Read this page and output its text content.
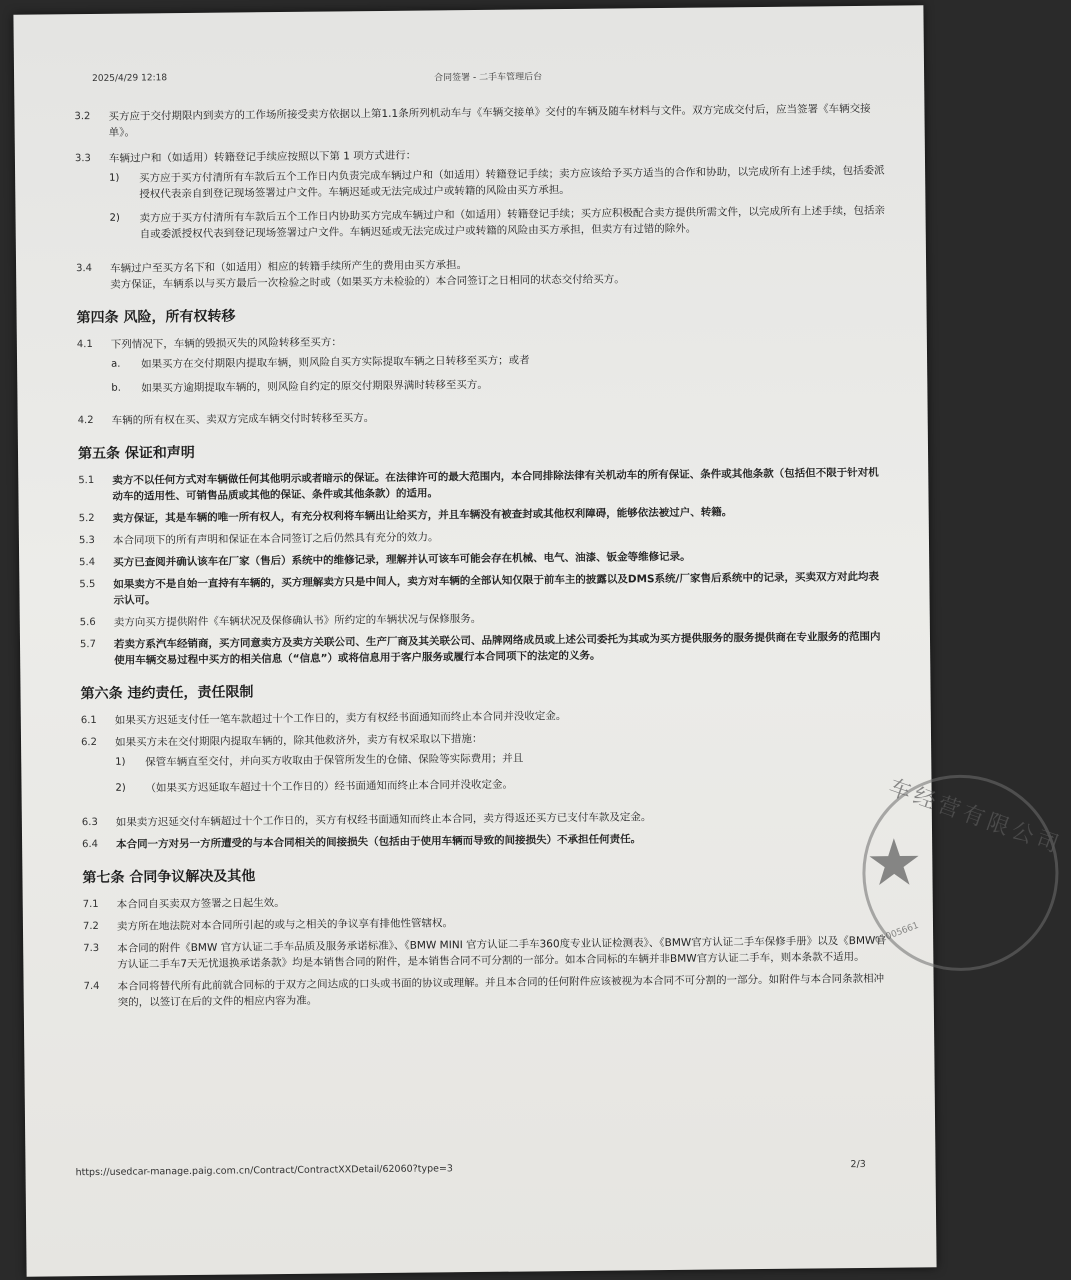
2025/4/29 12:18	合同签署 - 二手车管理后台
3.2	买方应于交付期限内到卖方的工作场所接受卖方依据以上第1.1条所列机动车与《车辆交接单》交付的车辆及随车材料与文件。双方完成交付后，应当签署《车辆交接单》。
3.3	车辆过户和（如适用）转籍登记手续应按照以下第 1 项方式进行：
1)	买方应于买方付清所有车款后五个工作日内负责完成车辆过户和（如适用）转籍登记手续；卖方应该给予买方适当的合作和协助，以完成所有上述手续，包括委派授权代表亲自到登记现场签署过户文件。车辆迟延或无法完成过户或转籍的风险由买方承担。
2)	卖方应于买方付清所有车款后五个工作日内协助买方完成车辆过户和（如适用）转籍登记手续；买方应积极配合卖方提供所需文件，以完成所有上述手续，包括亲自或委派授权代表到登记现场签署过户文件。车辆迟延或无法完成过户或转籍的风险由买方承担，但卖方有过错的除外。
3.4	车辆过户至买方名下和（如适用）相应的转籍手续所产生的费用由买方承担。
卖方保证，车辆系以与买方最后一次检验之时或（如果买方未检验的）本合同签订之日相同的状态交付给买方。
第四条 风险，所有权转移
4.1	下列情况下，车辆的毁损灭失的风险转移至买方：
a.	如果买方在交付期限内提取车辆，则风险自买方实际提取车辆之日转移至买方；或者
b.	如果买方逾期提取车辆的，则风险自约定的原交付期限界满时转移至买方。
4.2	车辆的所有权在买、卖双方完成车辆交付时转移至买方。
第五条 保证和声明
5.1	卖方不以任何方式对车辆做任何其他明示或者暗示的保证。在法律许可的最大范围内，本合同排除法律有关机动车的所有保证、条件或其他条款（包括但不限于针对机动车的适用性、可销售品质或其他的保证、条件或其他条款）的适用。
5.2	卖方保证，其是车辆的唯一所有权人，有充分权利将车辆出让给买方，并且车辆没有被查封或其他权利障碍，能够依法被过户、转籍。
5.3	本合同项下的所有声明和保证在本合同签订之后仍然具有充分的效力。
5.4	买方已查阅并确认该车在厂家（售后）系统中的维修记录，理解并认可该车可能会存在机械、电气、油漆、钣金等维修记录。
5.5	如果卖方不是自始一直持有车辆的，买方理解卖方只是中间人，卖方对车辆的全部认知仅限于前车主的披露以及DMS系统/厂家售后系统中的记录，买卖双方对此均表示认可。
5.6	卖方向买方提供附件《车辆状况及保修确认书》所约定的车辆状况与保修服务。
5.7	若卖方系汽车经销商，买方同意卖方及卖方关联公司、生产厂商及其关联公司、品牌网络成员或上述公司委托为其或为买方提供服务的服务提供商在专业服务的范围内使用车辆交易过程中买方的相关信息（“信息”）或将信息用于客户服务或履行本合同项下的法定的义务。
第六条 违约责任，责任限制
6.1	如果买方迟延支付任一笔车款超过十个工作日的，卖方有权经书面通知而终止本合同并没收定金。
6.2	如果买方未在交付期限内提取车辆的，除其他救济外，卖方有权采取以下措施：
1)	保管车辆直至交付，并向买方收取由于保管所发生的仓储、保险等实际费用；并且
2)	（如果买方迟延取车超过十个工作日的）经书面通知而终止本合同并没收定金。
6.3	如果卖方迟延交付车辆超过十个工作日的，买方有权经书面通知而终止本合同，卖方得返还买方已支付车款及定金。
6.4	本合同一方对另一方所遭受的与本合同相关的间接损失（包括由于使用车辆而导致的间接损失）不承担任何责任。
第七条 合同争议解决及其他
7.1	本合同自买卖双方签署之日起生效。
7.2	卖方所在地法院对本合同所引起的或与之相关的争议享有排他性管辖权。
7.3	本合同的附件《BMW 官方认证二手车品质及服务承诺标准》、《BMW MINI 官方认证二手车360度专业认证检测表》、《BMW官方认证二手车保修手册》以及《BMW官方认证二手车7天无忧退换承诺条款》均是本销售合同的附件，是本销售合同不可分割的一部分。如本合同标的车辆并非BMW官方认证二手车，则本条款不适用。
7.4	本合同将替代所有此前就合同标的于双方之间达成的口头或书面的协议或理解。并且本合同的任何附件应该被视为本合同不可分割的一部分。如附件与本合同条款相冲突的，以签订在后的文件的相应内容为准。
https://usedcar-manage.paig.com.cn/Contract/ContractXXDetail/62060?type=3	2/3
车经营有限公司
★
01005661
